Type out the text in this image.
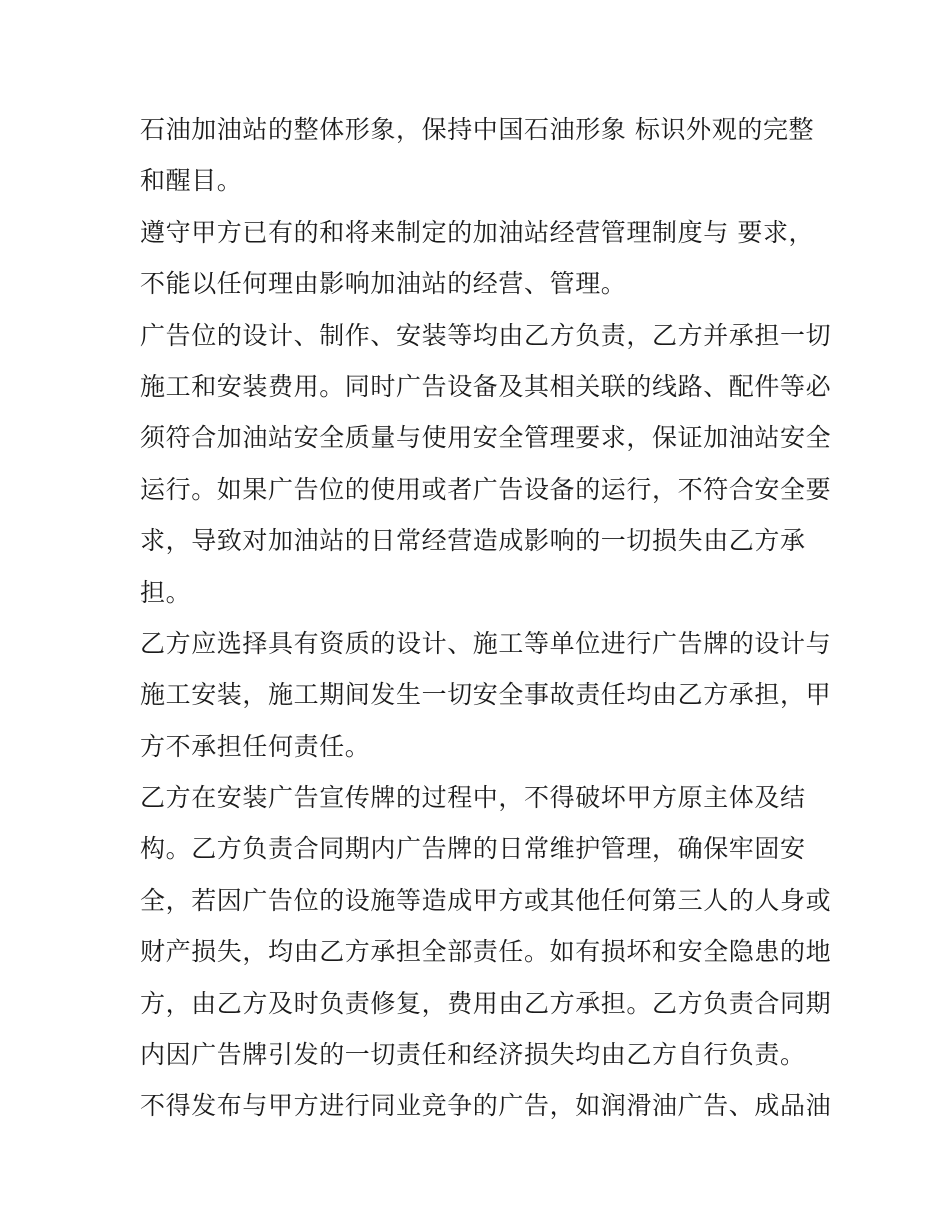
石油加油站的整体形象，保持中国石油形象 标识外观的完整
和醒目。
遵守甲方已有的和将来制定的加油站经营管理制度与 要求，
不能以任何理由影响加油站的经营、管理。
广告位的设计、制作、安装等均由乙方负责，乙方并承担一切
施工和安装费用。同时广告设备及其相关联的线路、配件等必
须符合加油站安全质量与使用安全管理要求，保证加油站安全
运行。如果广告位的使用或者广告设备的运行，不符合安全要
求，导致对加油站的日常经营造成影响的一切损失由乙方承
担。
乙方应选择具有资质的设计、施工等单位进行广告牌的设计与
施工安装，施工期间发生一切安全事故责任均由乙方承担，甲
方不承担任何责任。
乙方在安装广告宣传牌的过程中，不得破坏甲方原主体及结
构。乙方负责合同期内广告牌的日常维护管理，确保牢固安
全，若因广告位的设施等造成甲方或其他任何第三人的人身或
财产损失，均由乙方承担全部责任。如有损坏和安全隐患的地
方，由乙方及时负责修复，费用由乙方承担。乙方负责合同期
内因广告牌引发的一切责任和经济损失均由乙方自行负责。
不得发布与甲方进行同业竞争的广告，如润滑油广告、成品油
